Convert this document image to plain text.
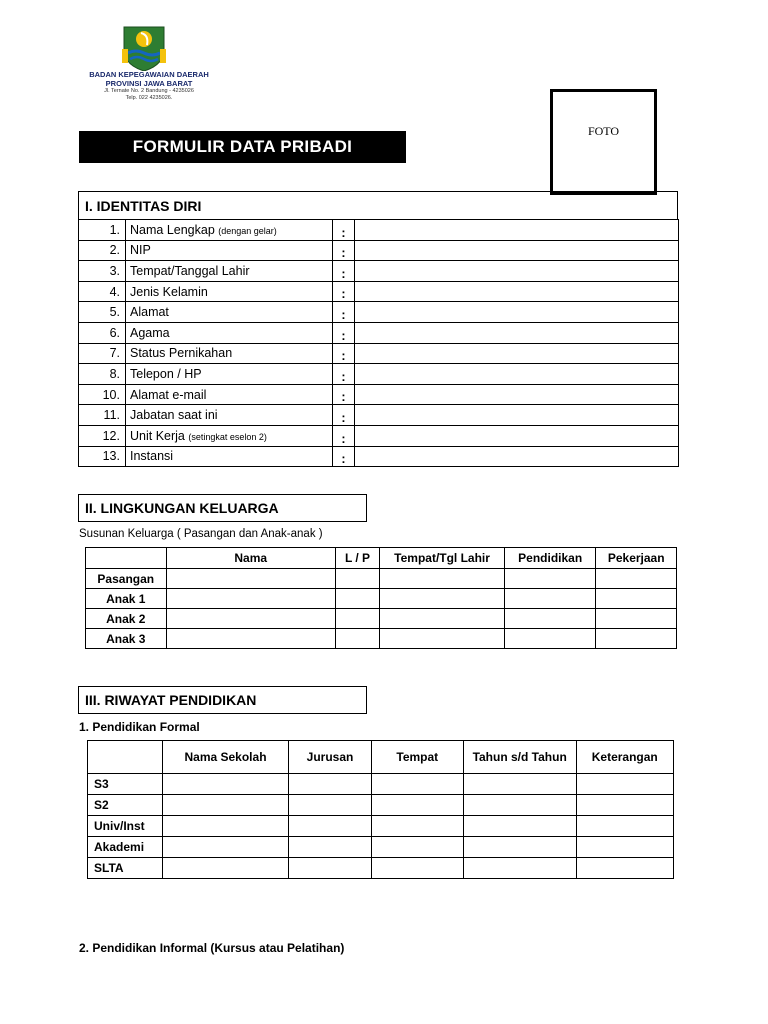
BADAN KEPEGAWAIAN DAERAH
PROVINSI JAWA BARAT
Jl. Ternate No. 2 Bandung - 4235026
Telp. 022 4235026.
FORMULIR DATA PRIBADI
FOTO
I. IDENTITAS DIRI
1.	Nama Lengkap (dengan gelar)	:	
2.	NIP	:	
3.	Tempat/Tanggal Lahir	:	
4.	Jenis Kelamin	:	
5.	Alamat	:	
6.	Agama	:	
7.	Status Pernikahan	:	
8.	Telepon / HP	:	
10.	Alamat e-mail	:	
11.	Jabatan saat ini	:	
12.	Unit Kerja (setingkat eselon 2)	:	
13.	Instansi	:	
II. LINGKUNGAN KELUARGA
Susunan Keluarga ( Pasangan dan Anak-anak )
	Nama	L / P	Tempat/Tgl Lahir	Pendidikan	Pekerjaan
Pasangan					
Anak 1					
Anak 2					
Anak 3					
III. RIWAYAT PENDIDIKAN
1. Pendidikan Formal
	Nama Sekolah	Jurusan	Tempat	Tahun s/d Tahun	Keterangan
S3					
S2					
Univ/Inst					
Akademi					
SLTA					
2. Pendidikan Informal (Kursus atau Pelatihan)
